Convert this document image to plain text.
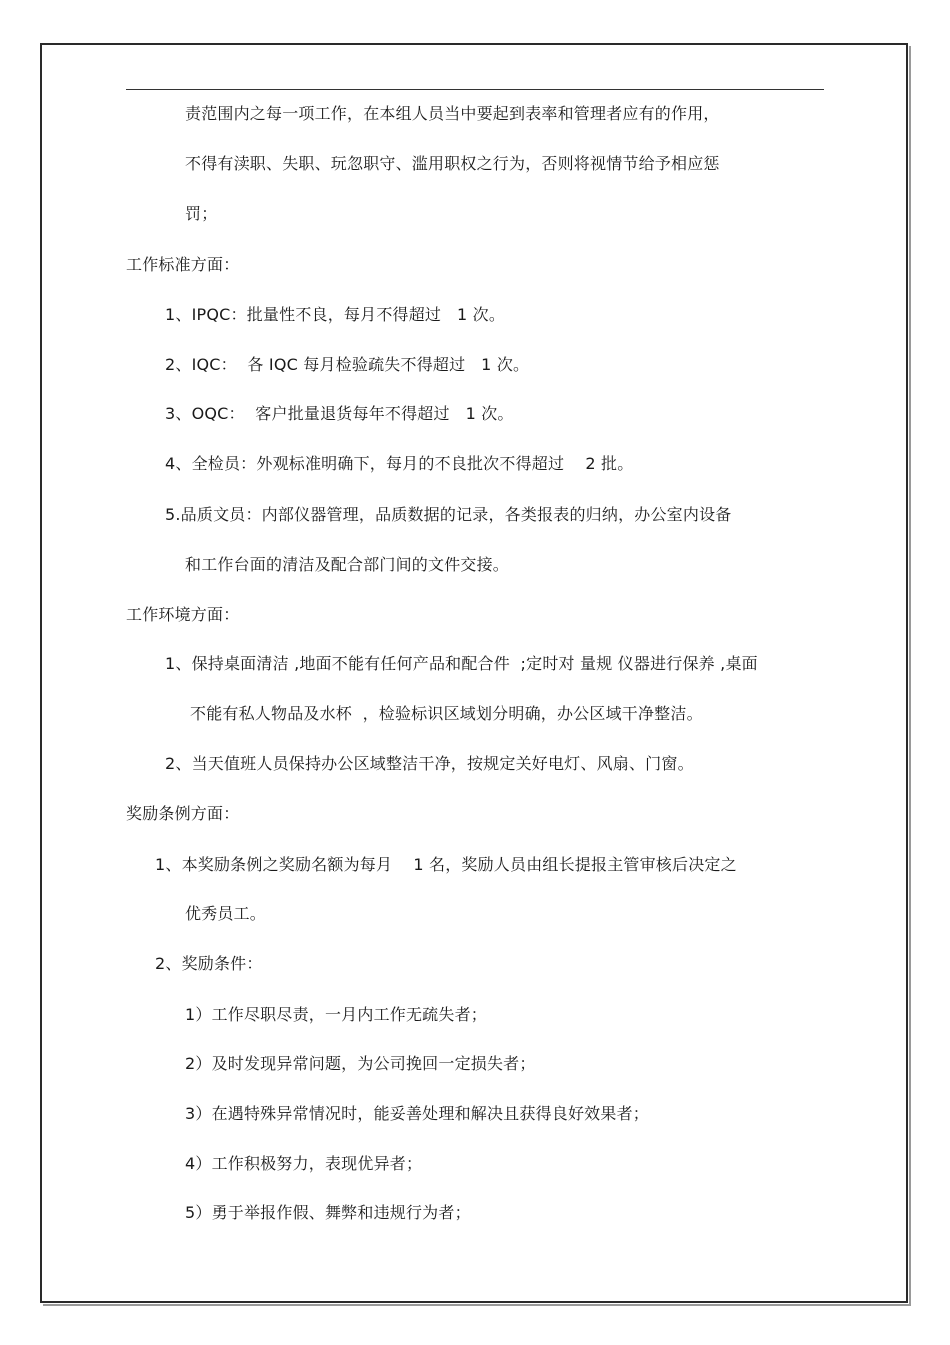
责范围内之每一项工作，在本组人员当中要起到表率和管理者应有的作用，
不得有渎职、失职、玩忽职守、滥用职权之行为，否则将视情节给予相应惩
罚；
工作标准方面：
1、IPQC：批量性不良，每月不得超过   1 次。
2、IQC：  各 IQC 每月检验疏失不得超过   1 次。
3、OQC：  客户批量退货每年不得超过   1 次。
4、全检员：外观标准明确下，每月的不良批次不得超过    2 批。
5.品质文员：内部仪器管理，品质数据的记录，各类报表的归纳，办公室内设备
和工作台面的清洁及配合部门间的文件交接。
工作环境方面：
1、保持桌面清洁 ,地面不能有任何产品和配合件  ;定时对 量规 仪器进行保养 ,桌面
不能有私人物品及水杯  ，检验标识区域划分明确，办公区域干净整洁。
2、当天值班人员保持办公区域整洁干净，按规定关好电灯、风扇、门窗。
奖励条例方面：
1、本奖励条例之奖励名额为每月    1 名，奖励人员由组长提报主管审核后决定之
优秀员工。
2、奖励条件：
1）工作尽职尽责，一月内工作无疏失者；
2）及时发现异常问题，为公司挽回一定损失者；
3）在遇特殊异常情况时，能妥善处理和解决且获得良好效果者；
4）工作积极努力，表现优异者；
5）勇于举报作假、舞弊和违规行为者；
